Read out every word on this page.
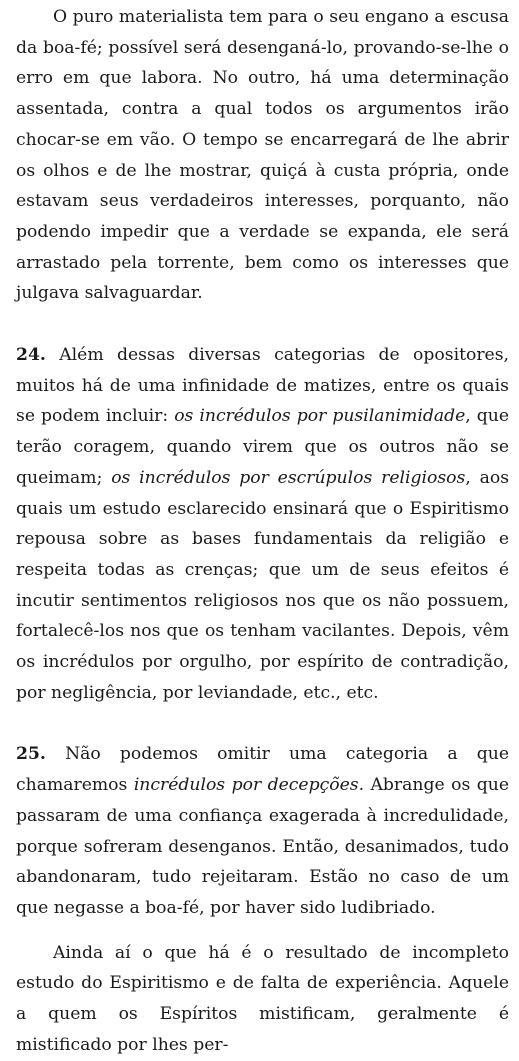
O puro materialista tem para o seu engano a escusa da boa-fé; possível será desenganá-lo, provando-se-lhe o erro em que labora. No outro, há uma determinação assentada, contra a qual todos os argumentos irão chocar-se em vão. O tempo se encarregará de lhe abrir os olhos e de lhe mostrar, quiçá à custa própria, onde estavam seus verdadeiros interesses, porquanto, não podendo impedir que a verdade se expanda, ele será arrastado pela torrente, bem como os interesses que julgava salvaguardar.

24. Além dessas diversas categorias de opositores, muitos há de uma infinidade de matizes, entre os quais se podem incluir: os incrédulos por pusilanimidade, que terão coragem, quando virem que os outros não se queimam; os incrédulos por escrúpulos religiosos, aos quais um estudo esclarecido ensinará que o Espiritismo repousa sobre as bases fundamentais da religião e respeita todas as crenças; que um de seus efeitos é incutir sentimentos religiosos nos que os não possuem, fortalecê-los nos que os tenham vacilantes. Depois, vêm os incrédulos por orgulho, por espírito de contradição, por negligência, por leviandade, etc., etc.

25. Não podemos omitir uma categoria a que chamaremos incrédulos por decepções. Abrange os que passaram de uma confiança exagerada à incredulidade, porque sofreram desenganos. Então, desanimados, tudo abandonaram, tudo rejeitaram. Estão no caso de um que negasse a boa-fé, por haver sido ludibriado.

Ainda aí o que há é o resultado de incompleto estudo do Espiritismo e de falta de experiência. Aquele a quem os Espíritos mistificam, geralmente é mistificado por lhes per-
